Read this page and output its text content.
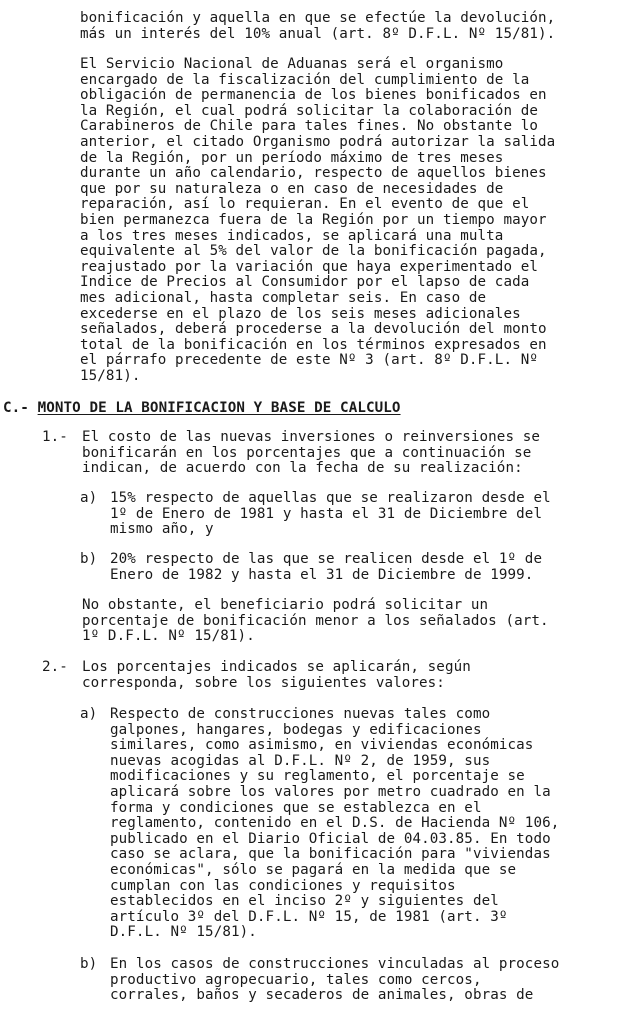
bonificación y aquella en que se efectúe la devolución,
más un interés del 10% anual (art. 8º D.F.L. Nº 15/81).

El Servicio Nacional de Aduanas será el organismo
encargado de la fiscalización del cumplimiento de la
obligación de permanencia de los bienes bonificados en
la Región, el cual podrá solicitar la colaboración de
Carabineros de Chile para tales fines. No obstante lo
anterior, el citado Organismo podrá autorizar la salida
de la Región, por un período máximo de tres meses
durante un año calendario, respecto de aquellos bienes
que por su naturaleza o en caso de necesidades de
reparación, así lo requieran. En el evento de que el
bien permanezca fuera de la Región por un tiempo mayor
a los tres meses indicados, se aplicará una multa
equivalente al 5% del valor de la bonificación pagada,
reajustado por la variación que haya experimentado el
Indice de Precios al Consumidor por el lapso de cada
mes adicional, hasta completar seis. En caso de
excederse en el plazo de los seis meses adicionales
señalados, deberá procederse a la devolución del monto
total de la bonificación en los términos expresados en
el párrafo precedente de este Nº 3 (art. 8º D.F.L. Nº
15/81).

C.- MONTO DE LA BONIFICACION Y BASE DE CALCULO
1.- El costo de las nuevas inversiones o reinversiones se
bonificarán en los porcentajes que a continuación se
indican, de acuerdo con la fecha de su realización:

a) 15% respecto de aquellas que se realizaron desde el
1º de Enero de 1981 y hasta el 31 de Diciembre del
mismo año, y

b) 20% respecto de las que se realicen desde el 1º de
Enero de 1982 y hasta el 31 de Diciembre de 1999.

No obstante, el beneficiario podrá solicitar un
porcentaje de bonificación menor a los señalados (art.
1º D.F.L. Nº 15/81).

2.- Los porcentajes indicados se aplicarán, según
corresponda, sobre los siguientes valores:

a) Respecto de construcciones nuevas tales como
galpones, hangares, bodegas y edificaciones
similares, como asimismo, en viviendas económicas
nuevas acogidas al D.F.L. Nº 2, de 1959, sus
modificaciones y su reglamento, el porcentaje se
aplicará sobre los valores por metro cuadrado en la
forma y condiciones que se establezca en el
reglamento, contenido en el D.S. de Hacienda Nº 106,
publicado en el Diario Oficial de 04.03.85. En todo
caso se aclara, que la bonificación para "viviendas
económicas", sólo se pagará en la medida que se
cumplan con las condiciones y requisitos
establecidos en el inciso 2º y siguientes del
artículo 3º del D.F.L. Nº 15, de 1981 (art. 3º
D.F.L. Nº 15/81).

b) En los casos de construcciones vinculadas al proceso
productivo agropecuario, tales como cercos,
corrales, baños y secaderos de animales, obras de
